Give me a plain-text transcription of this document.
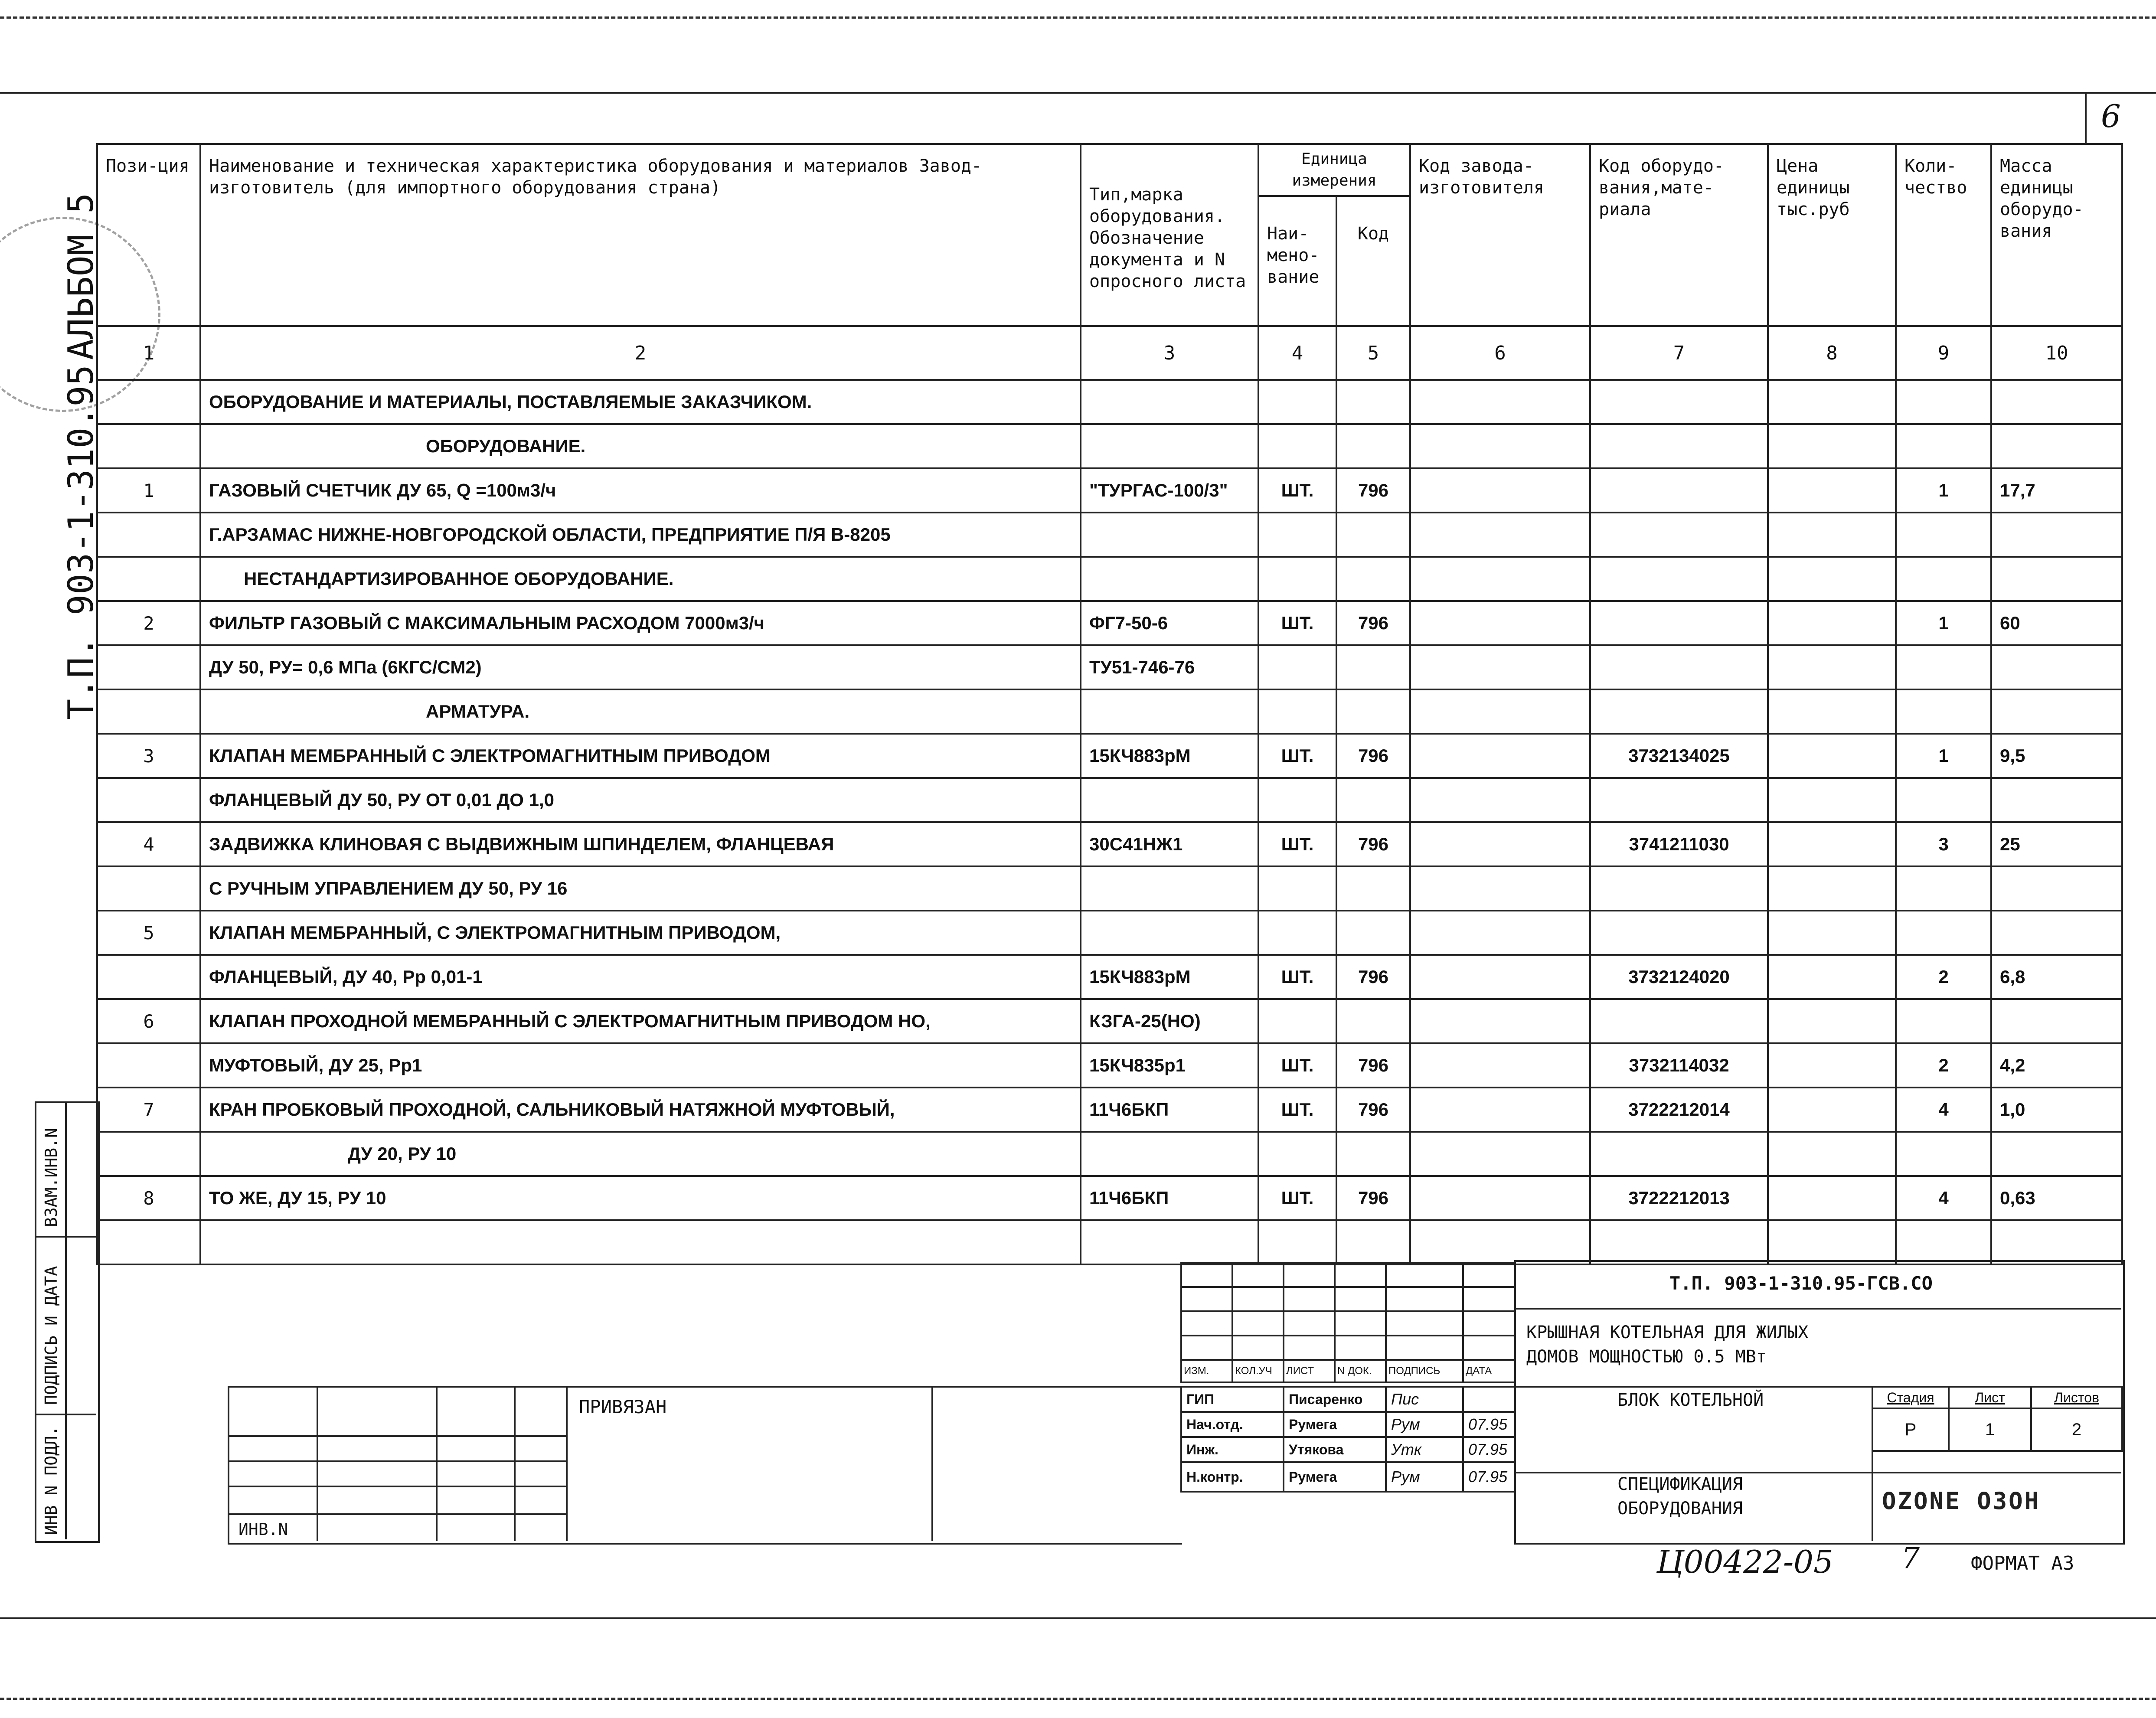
6
Т.П. 903-1-310.95
АЛЬБОМ 5
ВЗАМ.ИНВ.N
ПОДПИСЬ И ДАТА
ИНВ N ПОДЛ.
Пози-ция	Наименование и техническая характеристика оборудования и материалов Завод-изготовитель (для импортного оборудования страна)	Тип,марка оборудования. Обозначение документа и N опросного листа	Единица измерения		Код завода-изготовителя	Код оборудо-вания,мате-риала	Цена единицы тыс.руб	Коли-чество	Масса единицы оборудо-вания
			Наи-мено-вание	Код					
1	2	3	4	5	6	7	8	9	10
	ОБОРУДОВАНИЕ И МАТЕРИАЛЫ, ПОСТАВЛЯЕМЫЕ ЗАКАЗЧИКОМ.								
	ОБОРУДОВАНИЕ.								
1	ГАЗОВЫЙ СЧЕТЧИК ДУ 65, Q =100м3/ч	"ТУРГАС-100/3"	ШТ.	796				1	17,7
	Г.АРЗАМАС НИЖНЕ-НОВГОРОДСКОЙ ОБЛАСТИ, ПРЕДПРИЯТИЕ П/Я В-8205								
	НЕСТАНДАРТИЗИРОВАННОЕ ОБОРУДОВАНИЕ.								
2	ФИЛЬТР ГАЗОВЫЙ С МАКСИМАЛЬНЫМ РАСХОДОМ 7000м3/ч	ФГ7-50-6	ШТ.	796				1	60
	ДУ 50, РУ= 0,6 МПа (6КГС/СМ2)	ТУ51-746-76							
	АРМАТУРА.								
3	КЛАПАН МЕМБРАННЫЙ С ЭЛЕКТРОМАГНИТНЫМ ПРИВОДОМ	15КЧ883рМ	ШТ.	796		3732134025		1	9,5
	ФЛАНЦЕВЫЙ ДУ 50, РУ ОТ 0,01 ДО 1,0								
4	ЗАДВИЖКА КЛИНОВАЯ С ВЫДВИЖНЫМ ШПИНДЕЛЕМ, ФЛАНЦЕВАЯ	30С41НЖ1	ШТ.	796		3741211030		3	25
	С РУЧНЫМ УПРАВЛЕНИЕМ ДУ 50, РУ 16								
5	КЛАПАН МЕМБРАННЫЙ, С ЭЛЕКТРОМАГНИТНЫМ ПРИВОДОМ,								
	ФЛАНЦЕВЫЙ, ДУ 40, Рр 0,01-1	15КЧ883рМ	ШТ.	796		3732124020		2	6,8
6	КЛАПАН ПРОХОДНОЙ МЕМБРАННЫЙ С ЭЛЕКТРОМАГНИТНЫМ ПРИВОДОМ НО,	КЗГА-25(НО)							
	МУФТОВЫЙ, ДУ 25, Рр1	15КЧ835р1	ШТ.	796		3732114032		2	4,2
7	КРАН ПРОБКОВЫЙ ПРОХОДНОЙ, САЛЬНИКОВЫЙ НАТЯЖНОЙ МУФТОВЫЙ,	11Ч6БКП	ШТ.	796		3722212014		4	1,0
	ДУ 20, РУ 10								
8	ТО ЖЕ, ДУ 15, РУ 10	11Ч6БКП	ШТ.	796		3722212013		4	0,63

ИЗМ.	КОЛ.УЧ	ЛИСТ	N ДОК.	ПОДПИСЬ	ДАТА
ГИП	Писаренко	Пис	
Нач.отд.	Румега	Рум	07.95
Инж.	Утякова	Утк	07.95
Н.контр.	Румега	Рум	07.95
Т.П. 903-1-310.95-ГСВ.СО
КРЫШНАЯ КОТЕЛЬНАЯ ДЛЯ ЖИЛЫХ ДОМОВ МОЩНОСТЬЮ 0.5 МВт
БЛОК КОТЕЛЬНОЙ
СПЕЦИФИКАЦИЯ ОБОРУДОВАНИЯ
Стадия	Лист	Листов
Р	1	2
OZONE ОЗОН
ПРИВЯЗАН
ИНВ.N
Ц00422-05 7	ФОРМАТ А3
